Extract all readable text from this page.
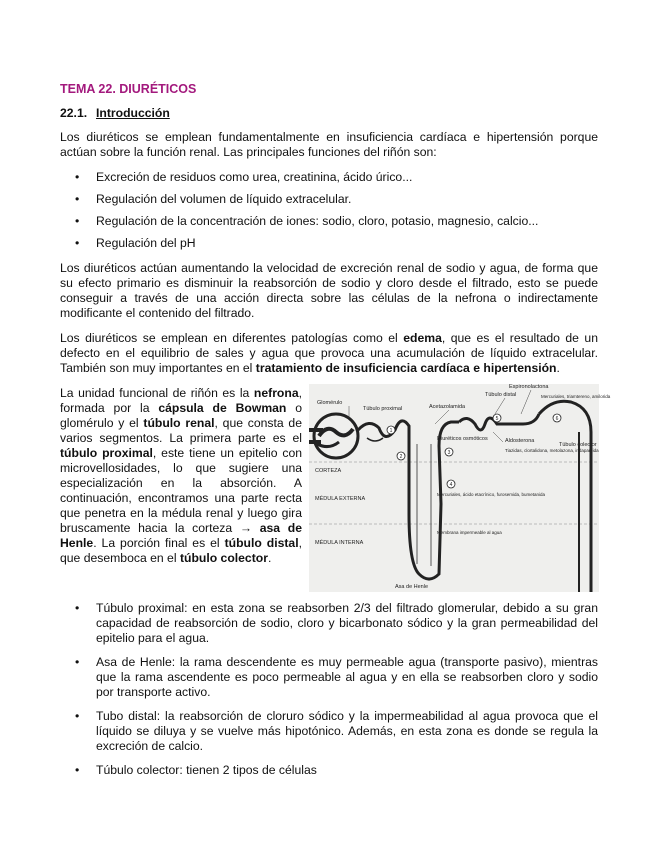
TEMA 22. DIURÉTICOS
22.1. Introducción

Los diuréticos se emplean fundamentalmente en insuficiencia cardíaca e hipertensión porque actúan sobre la función renal. Las principales funciones del riñón son:

• Excreción de residuos como urea, creatinina, ácido úrico...
• Regulación del volumen de líquido extracelular.
• Regulación de la concentración de iones: sodio, cloro, potasio, magnesio, calcio...
• Regulación del pH

Los diuréticos actúan aumentando la velocidad de excreción renal de sodio y agua, de forma que su efecto primario es disminuir la reabsorción de sodio y cloro desde el filtrado, esto se puede conseguir a través de una acción directa sobre las células de la nefrona o indirectamente modificante el contenido del filtrado.

Los diuréticos se emplean en diferentes patologías como el edema, que es el resultado de un defecto en el equilibrio de sales y agua que provoca una acumulación de líquido extracelular. También son muy importantes en el tratamiento de insuficiencia cardíaca e hipertensión.

La unidad funcional de riñón es la nefrona, formada por la cápsula de Bowman o glomérulo y el túbulo renal, que consta de varios segmentos. La primera parte es el túbulo proximal, este tiene un epitelio con microvellosidades, lo que sugiere una especialización en la absorción. A continuación, encontramos una parte recta que penetra en la médula renal y luego gira bruscamente hacia la corteza → asa de Henle. La porción final es el túbulo distal, que desemboca en el túbulo colector.
Glomérulo
Túbulo proximal	Acetazolamida
Túbulo distal
Espironolactona
Mercuriales, triamtereno, amilorida
Túbulo colector
Diuréticos osmóticos	Aldosterona
Tiazidas, clortalidona, metolazona, indapamida
CORTEZA
MÉDULA EXTERNA
Mercuriales, ácido etacrínico, furosemida, bumetanida
Membrana impermeable al agua
MÉDULA INTERNA
Asa de Henle
1
2
3
4
5	6
• Túbulo proximal: en esta zona se reabsorben 2/3 del filtrado glomerular, debido a su gran capacidad de reabsorción de sodio, cloro y bicarbonato sódico y la gran permeabilidad del epitelio para el agua.
• Asa de Henle: la rama descendente es muy permeable agua (transporte pasivo), mientras que la rama ascendente es poco permeable al agua y en ella se reabsorben cloro y sodio por transporte activo.
• Tubo distal: la reabsorción de cloruro sódico y la impermeabilidad al agua provoca que el líquido se diluya y se vuelve más hipotónico. Además, en esta zona es donde se regula la excreción de calcio.
• Túbulo colector: tienen 2 tipos de células
